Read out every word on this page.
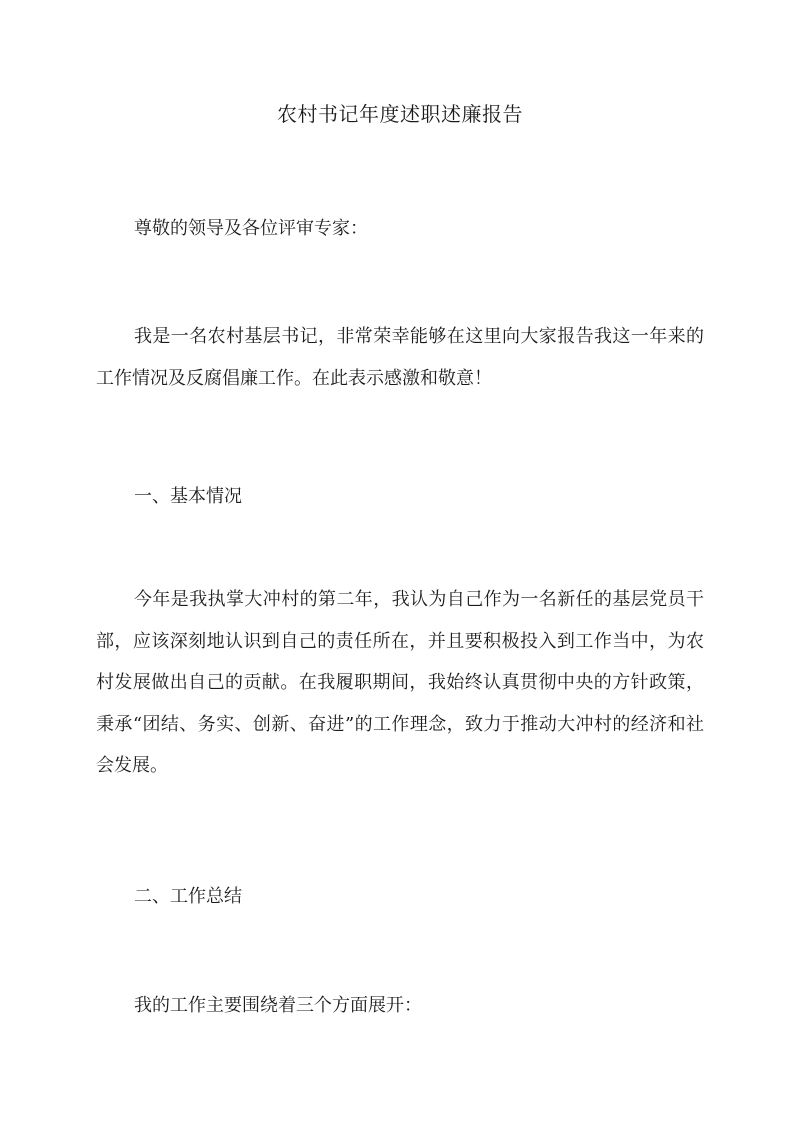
农村书记年度述职述廉报告

尊敬的领导及各位评审专家：

我是一名农村基层书记，非常荣幸能够在这里向大家报告我这一年来的工作情况及反腐倡廉工作。在此表示感激和敬意！

一、基本情况

今年是我执掌大冲村的第二年，我认为自己作为一名新任的基层党员干部，应该深刻地认识到自己的责任所在，并且要积极投入到工作当中，为农村发展做出自己的贡献。在我履职期间，我始终认真贯彻中央的方针政策，秉承“团结、务实、创新、奋进”的工作理念，致力于推动大冲村的经济和社会发展。

二、工作总结

我的工作主要围绕着三个方面展开：
